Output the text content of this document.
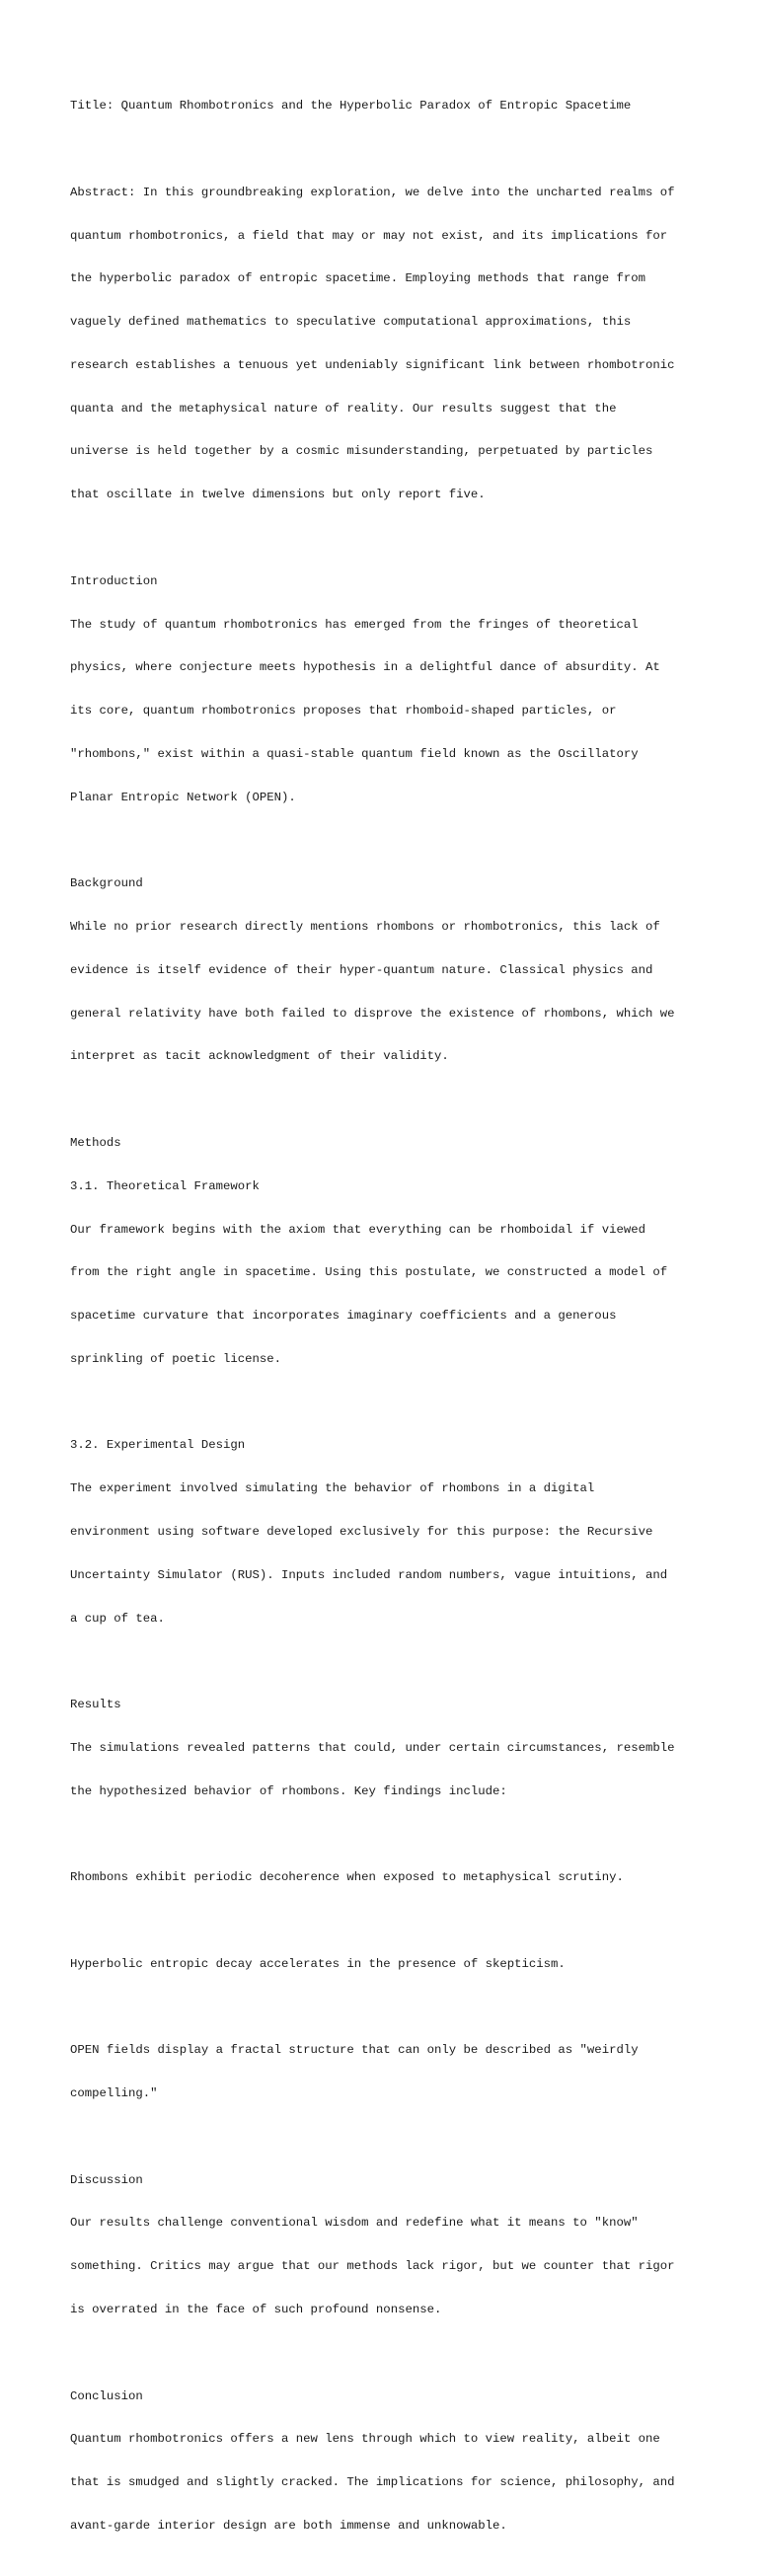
Title: Quantum Rhombotronics and the Hyperbolic Paradox of Entropic Spacetime

Abstract: In this groundbreaking exploration, we delve into the uncharted realms of

quantum rhombotronics, a field that may or may not exist, and its implications for

the hyperbolic paradox of entropic spacetime. Employing methods that range from

vaguely defined mathematics to speculative computational approximations, this

research establishes a tenuous yet undeniably significant link between rhombotronic

quanta and the metaphysical nature of reality. Our results suggest that the

universe is held together by a cosmic misunderstanding, perpetuated by particles

that oscillate in twelve dimensions but only report five.

Introduction

The study of quantum rhombotronics has emerged from the fringes of theoretical

physics, where conjecture meets hypothesis in a delightful dance of absurdity. At

its core, quantum rhombotronics proposes that rhomboid-shaped particles, or

"rhombons," exist within a quasi-stable quantum field known as the Oscillatory

Planar Entropic Network (OPEN).

Background

While no prior research directly mentions rhombons or rhombotronics, this lack of

evidence is itself evidence of their hyper-quantum nature. Classical physics and

general relativity have both failed to disprove the existence of rhombons, which we

interpret as tacit acknowledgment of their validity.

Methods

3.1. Theoretical Framework

Our framework begins with the axiom that everything can be rhomboidal if viewed

from the right angle in spacetime. Using this postulate, we constructed a model of

spacetime curvature that incorporates imaginary coefficients and a generous

sprinkling of poetic license.

3.2. Experimental Design

The experiment involved simulating the behavior of rhombons in a digital

environment using software developed exclusively for this purpose: the Recursive

Uncertainty Simulator (RUS). Inputs included random numbers, vague intuitions, and

a cup of tea.

Results

The simulations revealed patterns that could, under certain circumstances, resemble

the hypothesized behavior of rhombons. Key findings include:

Rhombons exhibit periodic decoherence when exposed to metaphysical scrutiny.

Hyperbolic entropic decay accelerates in the presence of skepticism.

OPEN fields display a fractal structure that can only be described as "weirdly

compelling."

Discussion

Our results challenge conventional wisdom and redefine what it means to "know"

something. Critics may argue that our methods lack rigor, but we counter that rigor

is overrated in the face of such profound nonsense.

Conclusion

Quantum rhombotronics offers a new lens through which to view reality, albeit one

that is smudged and slightly cracked. The implications for science, philosophy, and

avant-garde interior design are both immense and unknowable.
